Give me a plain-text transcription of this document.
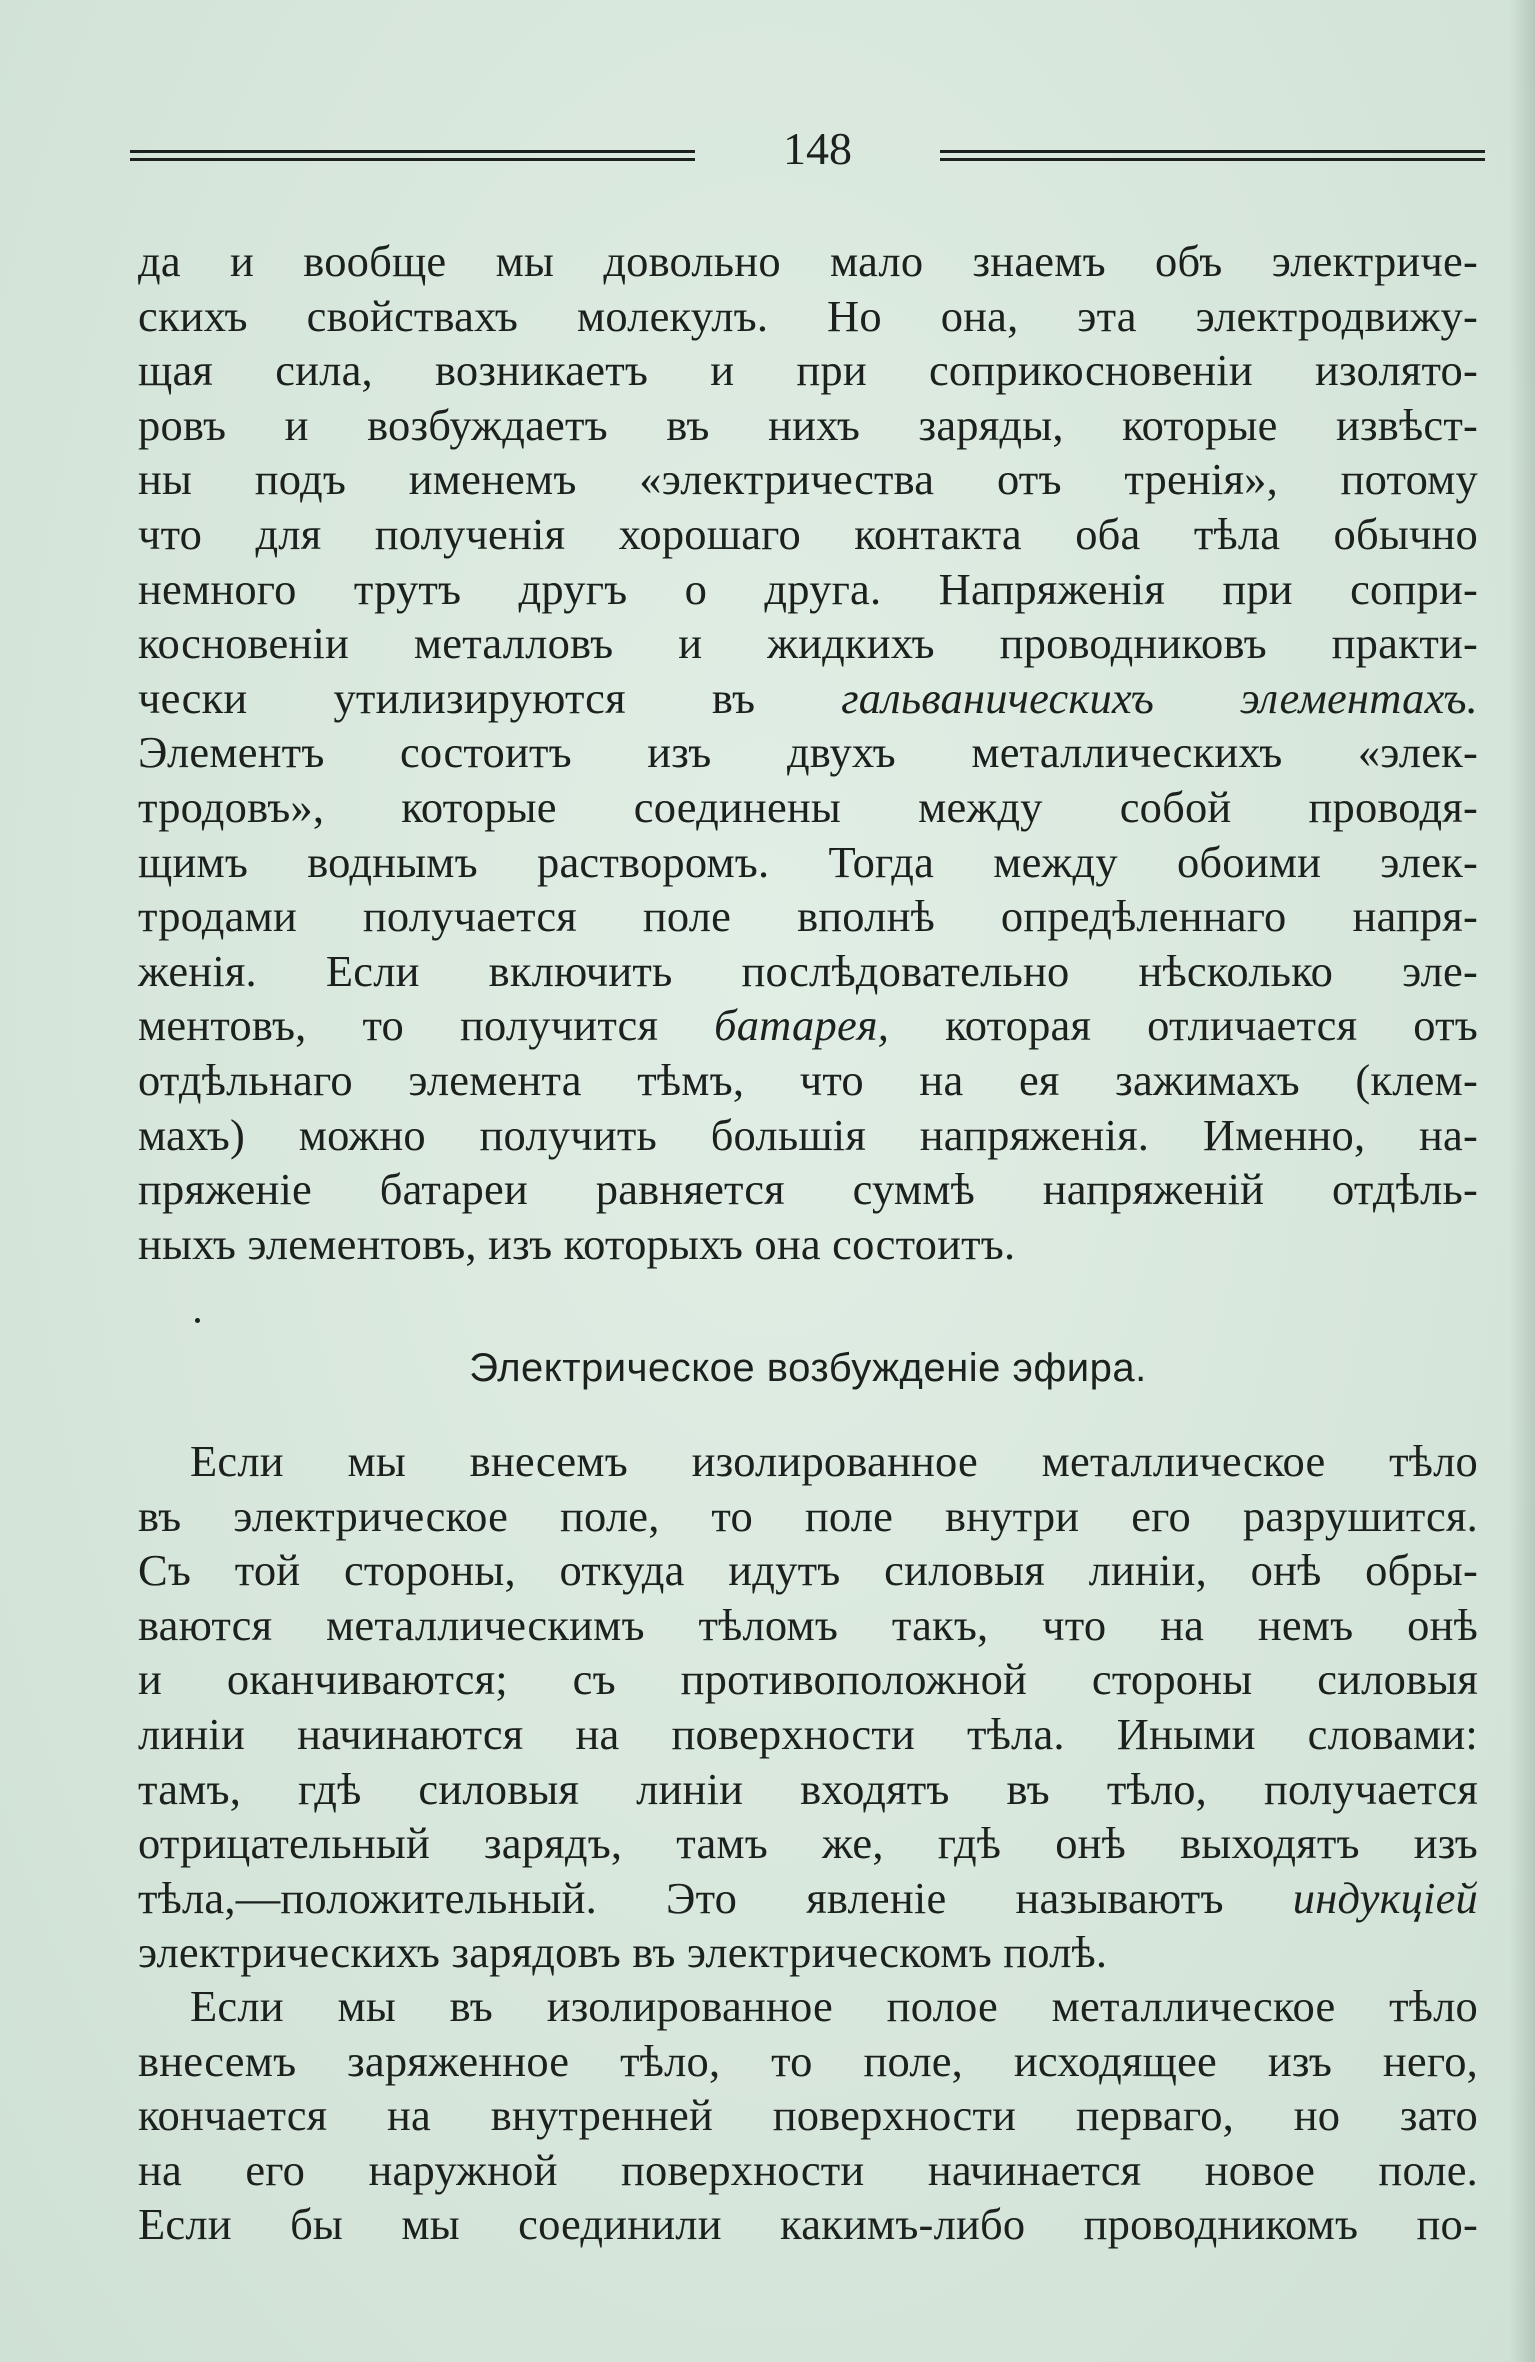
148
да и вообще мы довольно мало знаемъ объ электриче-
скихъ свойствахъ молекулъ. Но она, эта электродвижу-
щая сила, возникаетъ и при соприкосновенiи изолято-
ровъ и возбуждаетъ въ нихъ заряды, которые извѣст-
ны подъ именемъ «электричества отъ тренiя», потому
что для полученiя хорошаго контакта оба тѣла обычно
немного трутъ другъ о друга. Напряженiя при сопри-
косновенiи металловъ и жидкихъ проводниковъ практи-
чески утилизируются въ гальваническихъ элементахъ.
Элементъ состоитъ изъ двухъ металлическихъ «элек-
тродовъ», которые соединены между собой проводя-
щимъ воднымъ растворомъ. Тогда между обоими элек-
тродами получается поле вполнѣ опредѣленнаго напря-
женiя. Если включить послѣдовательно нѣсколько эле-
ментовъ, то получится батарея, которая отличается отъ
отдѣльнаго элемента тѣмъ, что на ея зажимахъ (клем-
махъ) можно получить большiя напряженiя. Именно, на-
пряженiе батареи равняется суммѣ напряженiй отдѣль-
ныхъ элементовъ, изъ которыхъ она состоитъ.
Электрическое возбужденiе эфира.
Если мы внесемъ изолированное металлическое тѣло
въ электрическое поле, то поле внутри его разрушится.
Съ той стороны, откуда идутъ силовыя линiи, онѣ обры-
ваются металлическимъ тѣломъ такъ, что на немъ онѣ
и оканчиваются; съ противоположной стороны силовыя
линiи начинаются на поверхности тѣла. Иными словами:
тамъ, гдѣ силовыя линiи входятъ въ тѣло, получается
отрицательный зарядъ, тамъ же, гдѣ онѣ выходятъ изъ
тѣла,—положительный. Это явленiе называютъ индукцiей
электрическихъ зарядовъ въ электрическомъ полѣ.
Если мы въ изолированное полое металлическое тѣло
внесемъ заряженное тѣло, то поле, исходящее изъ него,
кончается на внутренней поверхности перваго, но зато
на его наружной поверхности начинается новое поле.
Если бы мы соединили какимъ-либо проводникомъ по-
